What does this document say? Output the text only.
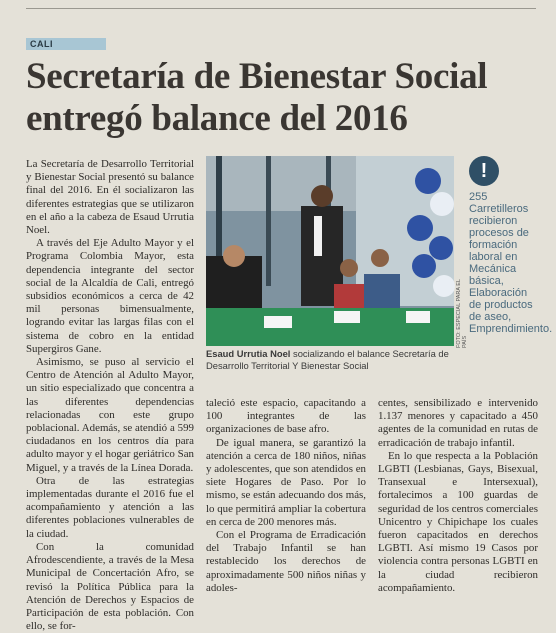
CALI
Secretaría de Bienestar Social entregó balance del 2016

La Secretaría de Desarrollo Territorial y Bienestar Social presentó su balance final del 2016. En él socializaron las diferentes estrategias que se utilizaron en el año a la cabeza de Esaud Urrutia Noel.

A través del Eje Adulto Mayor y el Programa Colombia Mayor, esta dependencia integrante del sector social de la Alcaldía de Cali, entregó subsidios económicos a cerca de 42 mil personas bimensualmente, logrando evitar las largas filas con el sistema de cobro en la entidad Supergiros Gane.

Asimismo, se puso al servicio el Centro de Atención al Adulto Mayor, un sitio especializado que concentra a las diferentes dependencias relacionadas con este grupo poblacional. Además, se atendió a 599 ciudadanos en los centros día para adulto mayor y el hogar geriátrico San Miguel, y a través de la Línea Dorada.

Otra de las estrategias implementadas durante el 2016 fue el acompañamiento y atención a las diferentes poblaciones vulnerables de la ciudad.

Con la comunidad Afrodescendiente, a través de la Mesa Municipal de Concertación Afro, se revisó la Política Pública para la Atención de Derechos y Espacios de Participación de esta población. Con ello, se for-

Esaud Urrutia Noel socializando el balance Secretaría de Desarrollo Territorial Y Bienestar Social
FOTO: ESPECIAL PARA EL PAÍS
!
255 Carretilleros recibieron procesos de formación laboral en Mecánica básica, Elaboración de productos de aseo, Emprendimiento.

taleció este espacio, capacitando a 100 integrantes de las organizaciones de base afro.

De igual manera, se garantizó la atención a cerca de 180 niños, niñas y adolescentes, que son atendidos en siete Hogares de Paso. Por lo mismo, se están adecuando dos más, lo que permitirá ampliar la cobertura en cerca de 200 menores más.

Con el Programa de Erradicación del Trabajo Infantil se han restablecido los derechos de aproximadamente 500 niños niñas y adoles-

centes, sensibilizado e intervenido 1.137 menores y capacitado a 450 agentes de la comunidad en rutas de erradicación de trabajo infantil.

En lo que respecta a la Población LGBTI (Lesbianas, Gays, Bisexual, Transexual e Intersexual), fortalecimos a 100 guardas de seguridad de los centros comerciales Unicentro y Chipichape los cuales fueron capacitados en derechos LGBTI. Así mismo 19 Casos por violencia contra personas LGBTI en la ciudad recibieron acompañamiento.
